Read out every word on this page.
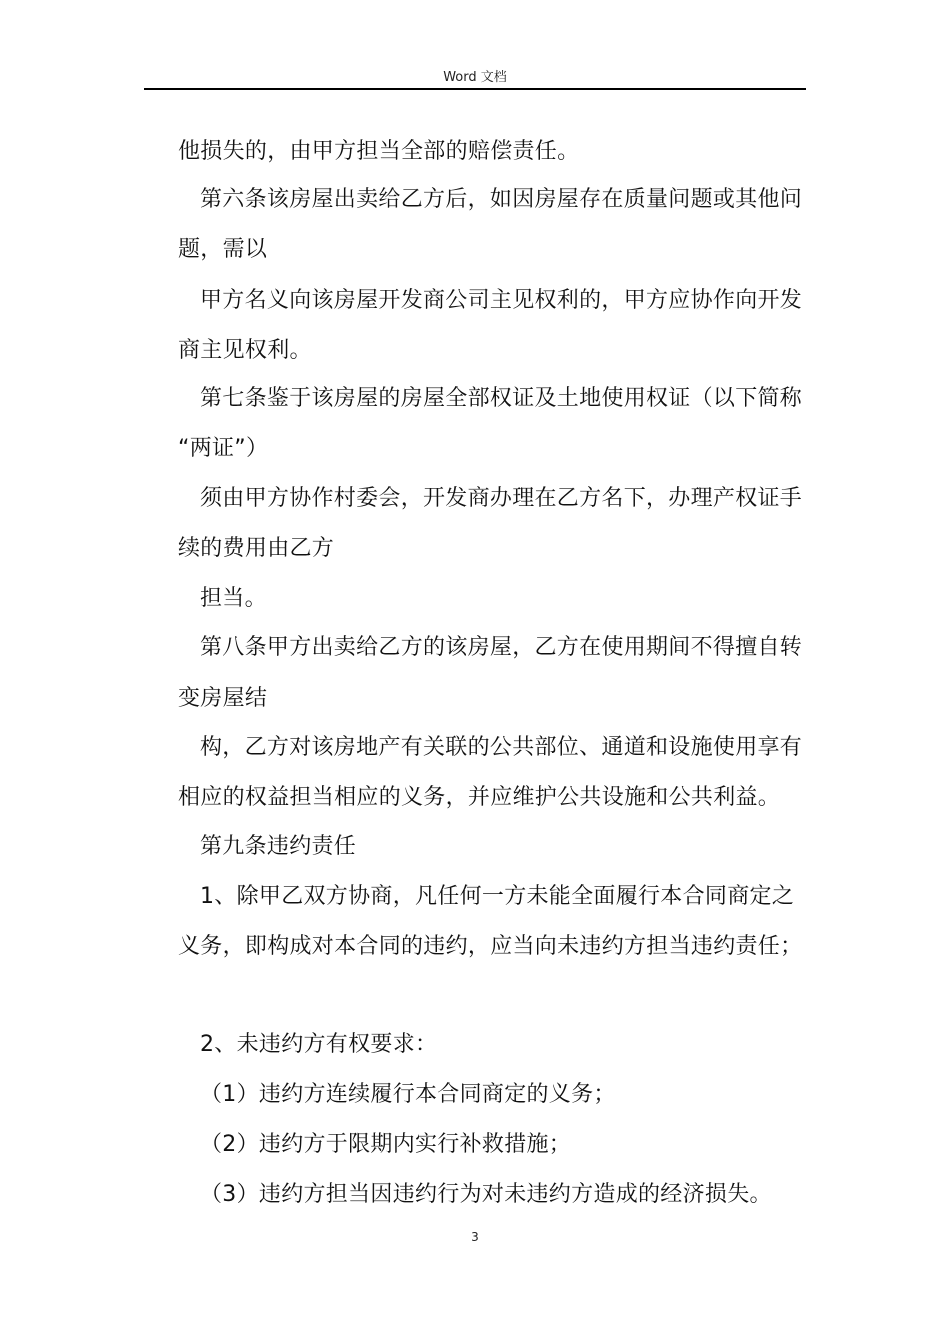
Word 文档
他损失的，由甲方担当全部的赔偿责任。
第六条该房屋出卖给乙方后，如因房屋存在质量问题或其他问
题，需以
甲方名义向该房屋开发商公司主见权利的，甲方应协作向开发
商主见权利。
第七条鉴于该房屋的房屋全部权证及土地使用权证（以下简称
“两证”）
须由甲方协作村委会，开发商办理在乙方名下，办理产权证手
续的费用由乙方
担当。
第八条甲方出卖给乙方的该房屋，乙方在使用期间不得擅自转
变房屋结
构，乙方对该房地产有关联的公共部位、通道和设施使用享有
相应的权益担当相应的义务，并应维护公共设施和公共利益。
第九条违约责任
1、除甲乙双方协商，凡任何一方未能全面履行本合同商定之
义务，即构成对本合同的违约，应当向未违约方担当违约责任；
2、未违约方有权要求：
（1）违约方连续履行本合同商定的义务；
（2）违约方于限期内实行补救措施；
（3）违约方担当因违约行为对未违约方造成的经济损失。
3
